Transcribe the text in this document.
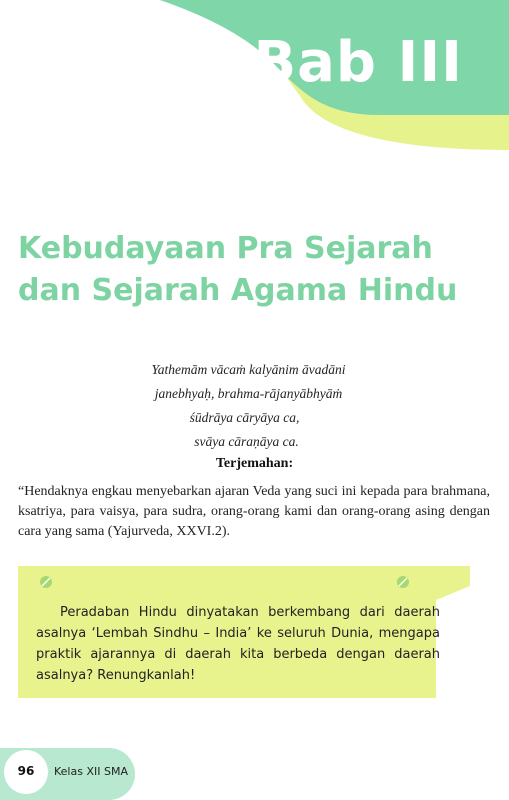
Bab III
Kebudayaan Pra Sejarah
dan Sejarah Agama Hindu
Yathemām vācaṁ kalyānim āvadāni
janebhyaḥ, brahma-rājanyābhyāṁ
śūdrāya cāryāya ca,
svāya cāraṇāya ca.
Terjemahan:
“Hendaknya engkau menyebarkan ajaran Veda yang suci ini kepada para brahmana, ksatriya, para vaisya, para sudra, orang-orang kami dan orang-orang asing dengan cara yang sama (Yajurveda, XXVI.2).
Peradaban Hindu dinyatakan berkembang dari daerah asalnya ‘Lembah Sindhu – India’ ke seluruh Dunia, mengapa praktik ajarannya di daerah kita berbeda dengan daerah asalnya? Renungkanlah!
96	Kelas XII SMA
